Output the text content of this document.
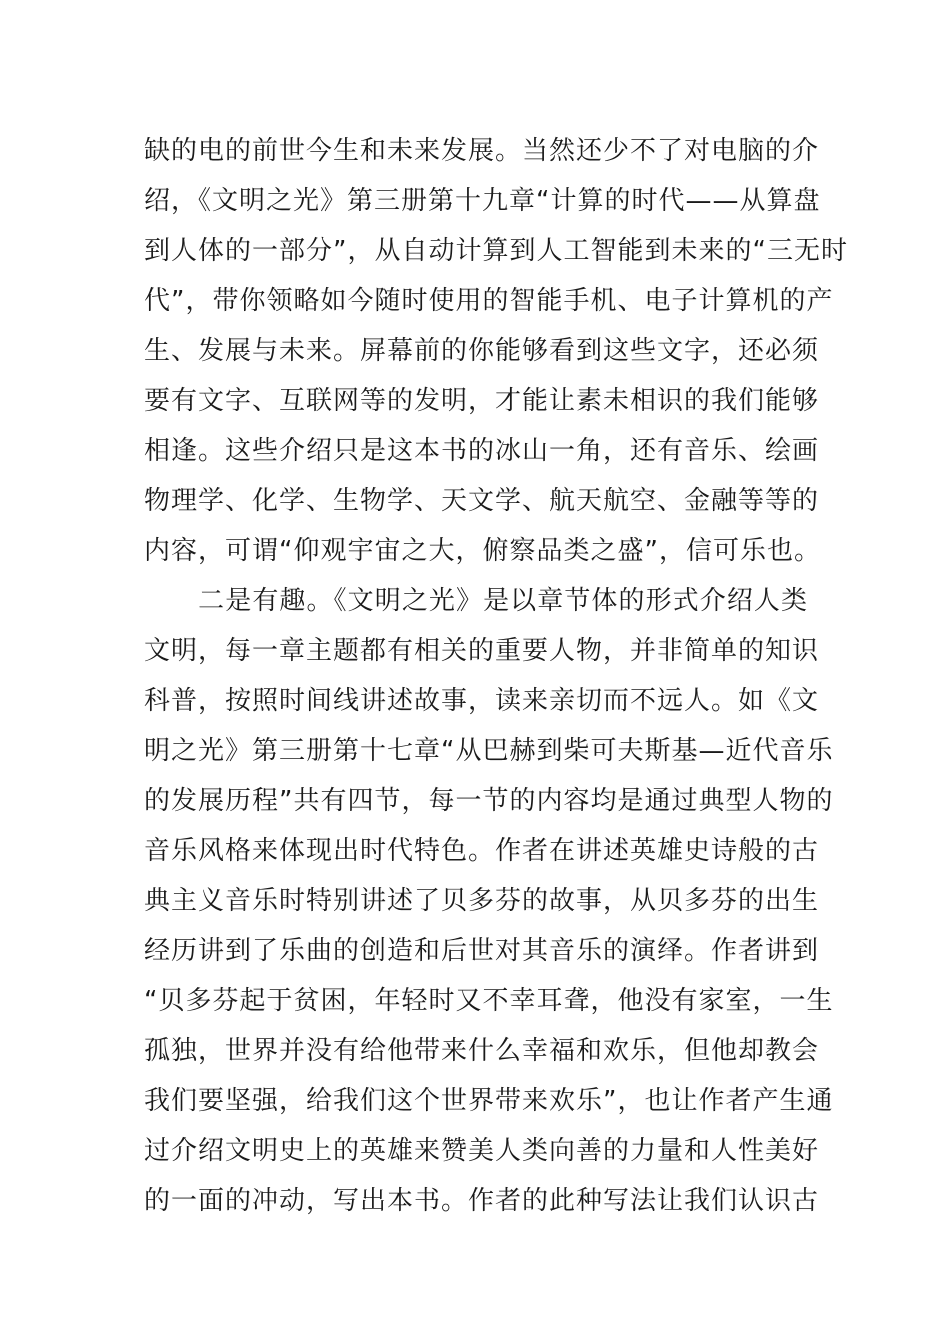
缺的电的前世今生和未来发展。当然还少不了对电脑的介
绍，《文明之光》第三册第十九章“计算的时代——从算盘
到人体的一部分”，从自动计算到人工智能到未来的“三无时
代”，带你领略如今随时使用的智能手机、电子计算机的产
生、发展与未来。屏幕前的你能够看到这些文字，还必须
要有文字、互联网等的发明，才能让素未相识的我们能够
相逢。这些介绍只是这本书的冰山一角，还有音乐、绘画
物理学、化学、生物学、天文学、航天航空、金融等等的
内容，可谓“仰观宇宙之大，俯察品类之盛”，信可乐也。
　　二是有趣。《文明之光》是以章节体的形式介绍人类
文明，每一章主题都有相关的重要人物，并非简单的知识
科普，按照时间线讲述故事，读来亲切而不远人。如《文
明之光》第三册第十七章“从巴赫到柴可夫斯基—近代音乐
的发展历程”共有四节，每一节的内容均是通过典型人物的
音乐风格来体现出时代特色。作者在讲述英雄史诗般的古
典主义音乐时特别讲述了贝多芬的故事，从贝多芬的出生
经历讲到了乐曲的创造和后世对其音乐的演绎。作者讲到
“贝多芬起于贫困，年轻时又不幸耳聋，他没有家室，一生
孤独，世界并没有给他带来什么幸福和欢乐，但他却教会
我们要坚强，给我们这个世界带来欢乐”，也让作者产生通
过介绍文明史上的英雄来赞美人类向善的力量和人性美好
的一面的冲动，写出本书。作者的此种写法让我们认识古
